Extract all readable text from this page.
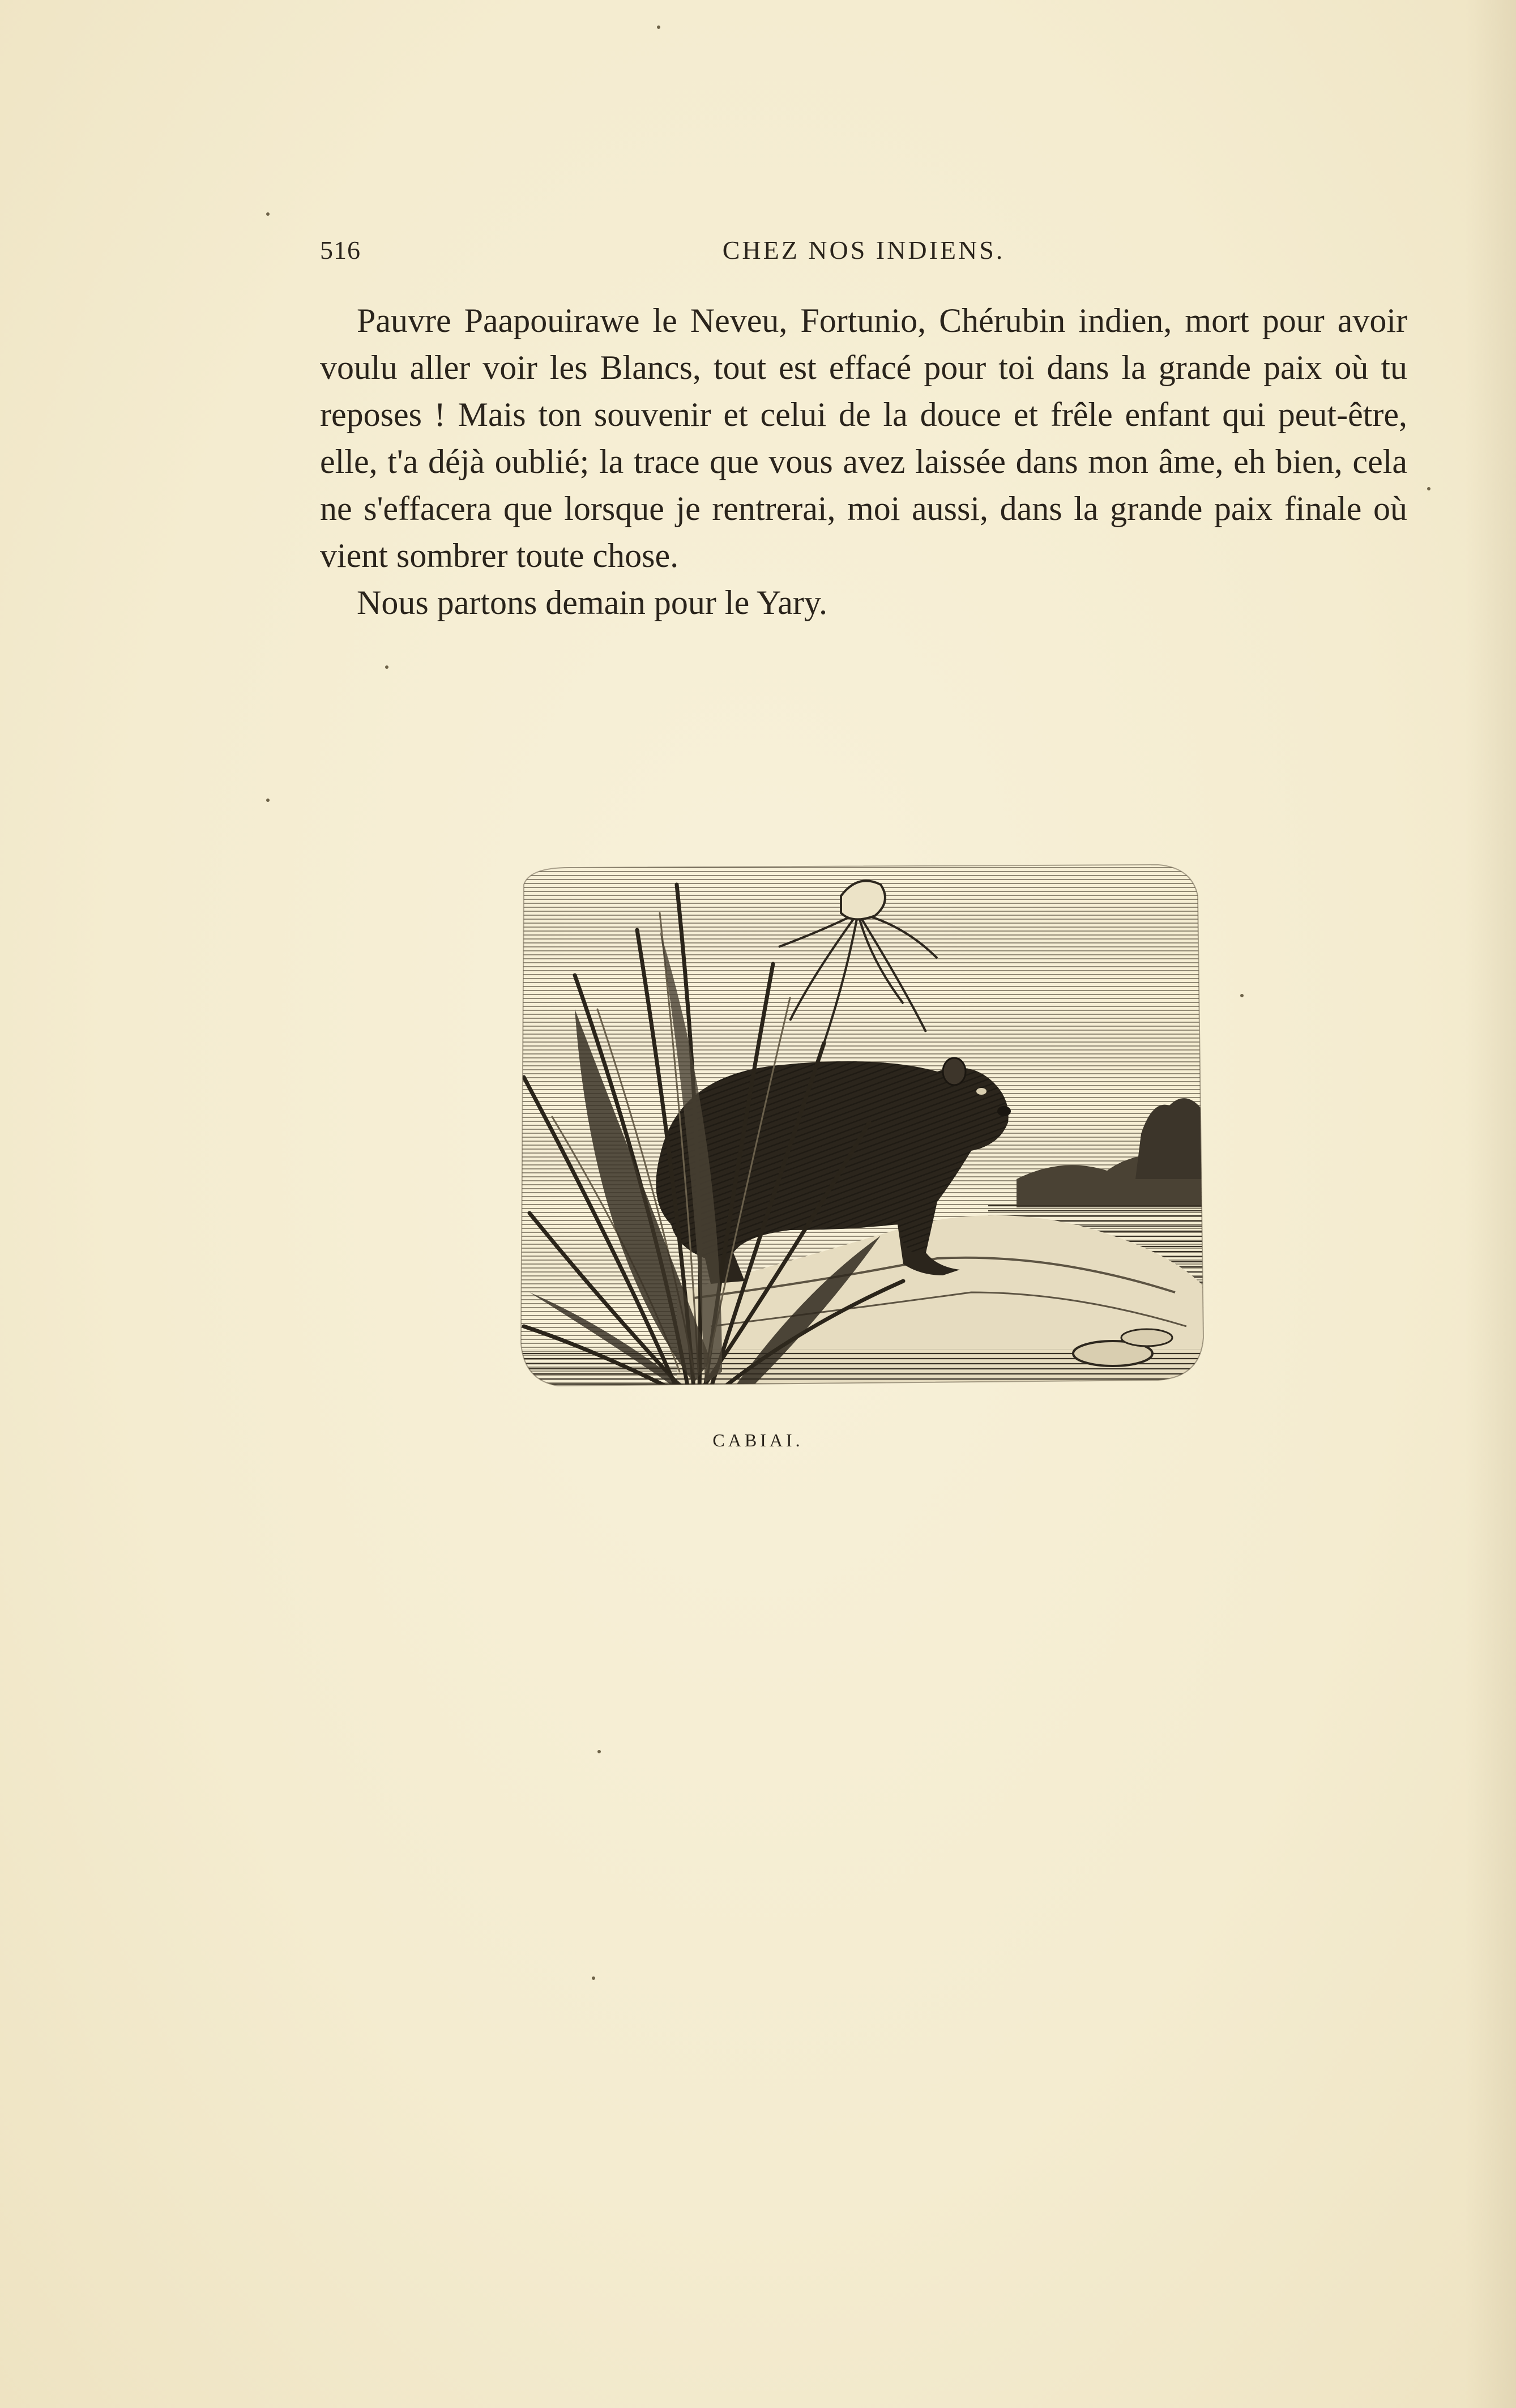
516	CHEZ NOS INDIENS.

Pauvre Paapouirawe le Neveu, Fortunio, Chérubin indien, mort pour avoir voulu aller voir les Blancs, tout est effacé pour toi dans la grande paix où tu reposes ! Mais ton souvenir et celui de la douce et frêle enfant qui peut-être, elle, t'a déjà oublié; la trace que vous avez laissée dans mon âme, eh bien, cela ne s'effacera que lorsque je rentrerai, moi aussi, dans la grande paix finale où vient sombrer toute chose.

Nous partons demain pour le Yary.

CABIAI.
